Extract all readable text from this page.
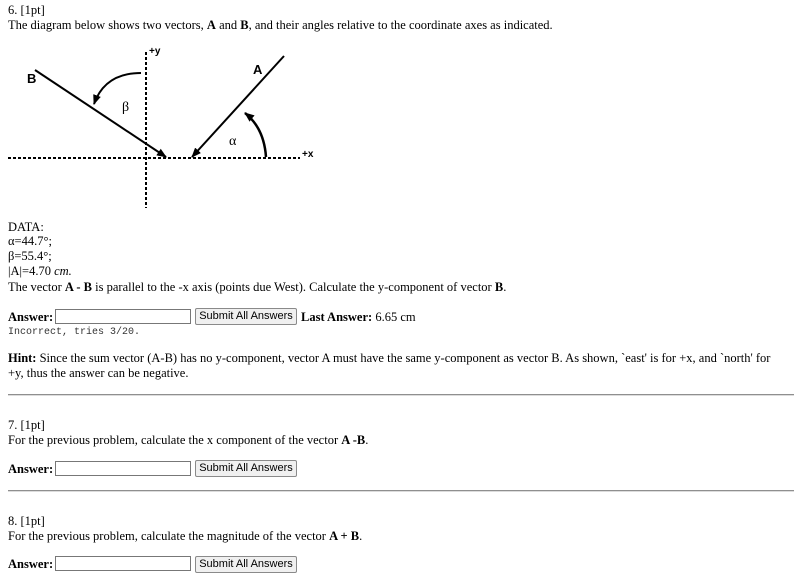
6. [1pt]
The diagram below shows two vectors, A and B, and their angles relative to the coordinate axes as indicated.
B
A
+y
+x
β
α
DATA:
α=44.7°;
β=55.4°;
|A|=4.70 cm.
The vector A - B is parallel to the -x axis (points due West). Calculate the y-component of vector B.
Answer:	Submit All Answers Last Answer: 6.65 cm
Incorrect, tries 3/20.
Hint: Since the sum vector (A-B) has no y-component, vector A must have the same y-component as vector B. As shown, `east' is for +x, and `north' for
+y, thus the answer can be negative.
7. [1pt]
For the previous problem, calculate the x component of the vector A -B.
Answer:	Submit All Answers
8. [1pt]
For the previous problem, calculate the magnitude of the vector A + B.
Answer:	Submit All Answers
